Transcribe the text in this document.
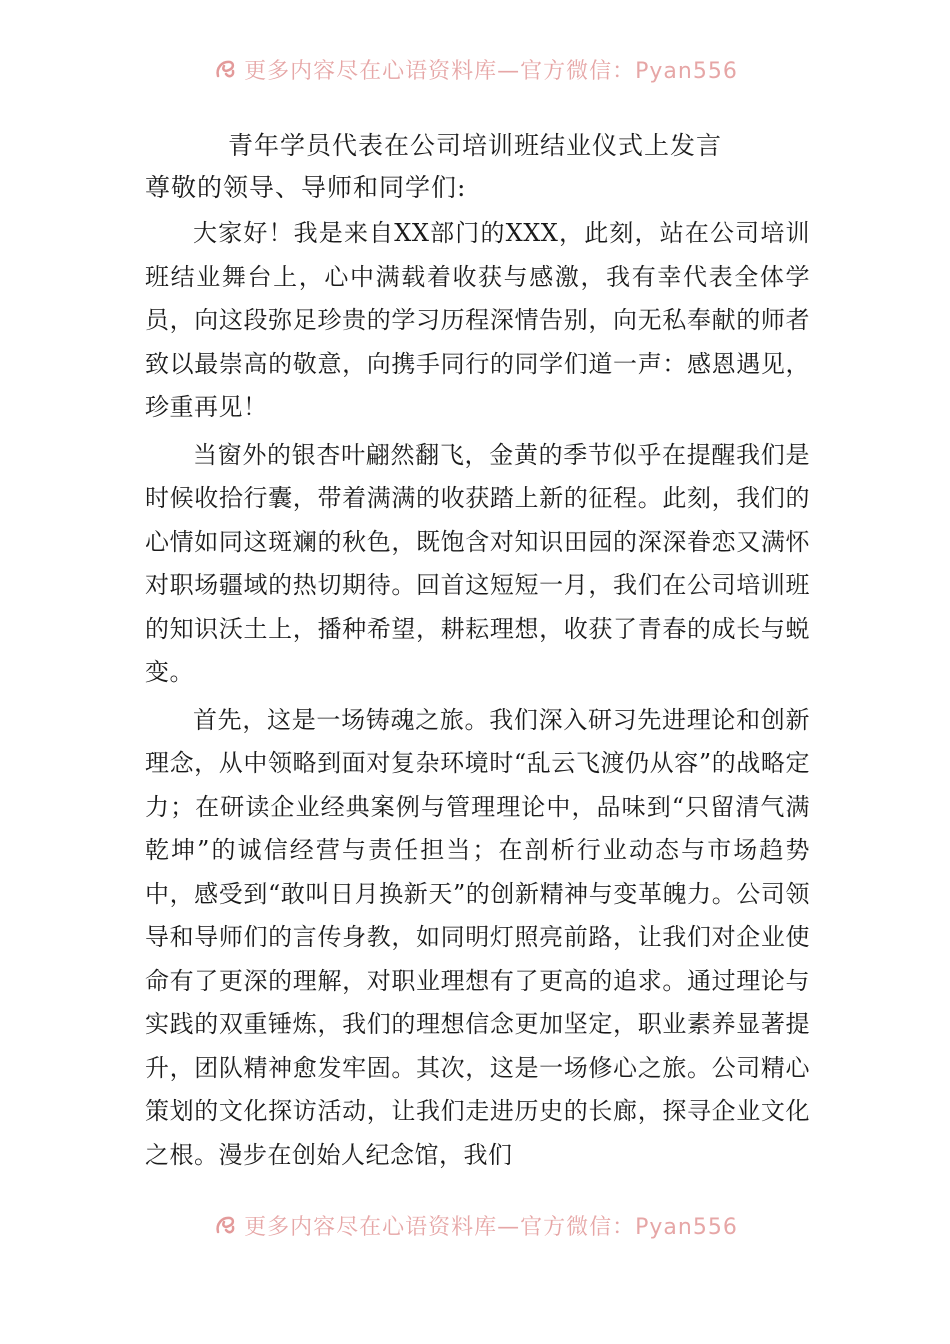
更多内容尽在心语资料库—官方微信：Pyan556
青年学员代表在公司培训班结业仪式上发言

尊敬的领导、导师和同学们:

大家好！我是来自XX部门的XXX，此刻，站在公司培训班结业舞台上，心中满载着收获与感激，我有幸代表全体学员，向这段弥足珍贵的学习历程深情告别，向无私奉献的师者致以最崇高的敬意，向携手同行的同学们道一声：感恩遇见，珍重再见！

当窗外的银杏叶翩然翻飞，金黄的季节似乎在提醒我们是时候收拾行囊，带着满满的收获踏上新的征程。此刻，我们的心情如同这斑斓的秋色，既饱含对知识田园的深深眷恋又满怀对职场疆域的热切期待。回首这短短一月，我们在公司培训班的知识沃土上，播种希望，耕耘理想，收获了青春的成长与蜕变。

首先，这是一场铸魂之旅。我们深入研习先进理论和创新理念，从中领略到面对复杂环境时“乱云飞渡仍从容”的战略定力；在研读企业经典案例与管理理论中，品味到“只留清气满乾坤”的诚信经营与责任担当；在剖析行业动态与市场趋势中，感受到“敢叫日月换新天”的创新精神与变革魄力。公司领导和导师们的言传身教，如同明灯照亮前路，让我们对企业使命有了更深的理解，对职业理想有了更高的追求。通过理论与实践的双重锤炼，我们的理想信念更加坚定，职业素养显著提升，团队精神愈发牢固。其次，这是一场修心之旅。公司精心策划的文化探访活动，让我们走进历史的长廊，探寻企业文化之根。漫步在创始人纪念馆，我们

更多内容尽在心语资料库—官方微信：Pyan556
